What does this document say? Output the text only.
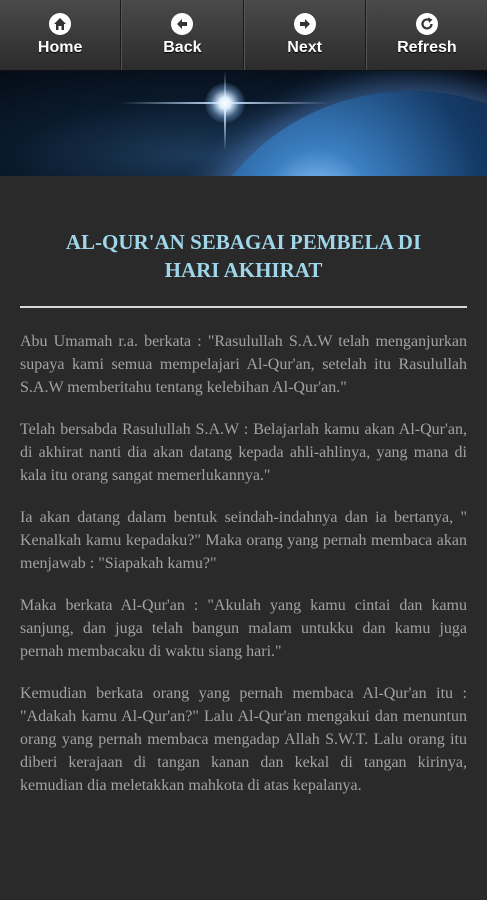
Home	Back	Next	Refresh
AL-QUR'AN SEBAGAI PEMBELA DI HARI AKHIRAT

Abu Umamah r.a. berkata : "Rasulullah S.A.W telah menganjurkan supaya kami semua mempelajari Al-Qur'an, setelah itu Rasulullah S.A.W memberitahu tentang kelebihan Al-Qur'an."

Telah bersabda Rasulullah S.A.W : Belajarlah kamu akan Al-Qur'an, di akhirat nanti dia akan datang kepada ahli-ahlinya, yang mana di kala itu orang sangat memerlukannya."

Ia akan datang dalam bentuk seindah-indahnya dan ia bertanya, " Kenalkah kamu kepadaku?" Maka orang yang pernah membaca akan menjawab : "Siapakah kamu?"

Maka berkata Al-Qur'an : "Akulah yang kamu cintai dan kamu sanjung, dan juga telah bangun malam untukku dan kamu juga pernah membacaku di waktu siang hari."

Kemudian berkata orang yang pernah membaca Al-Qur'an itu : "Adakah kamu Al-Qur'an?" Lalu Al-Qur'an mengakui dan menuntun orang yang pernah membaca mengadap Allah S.W.T. Lalu orang itu diberi kerajaan di tangan kanan dan kekal di tangan kirinya, kemudian dia meletakkan mahkota di atas kepalanya.
